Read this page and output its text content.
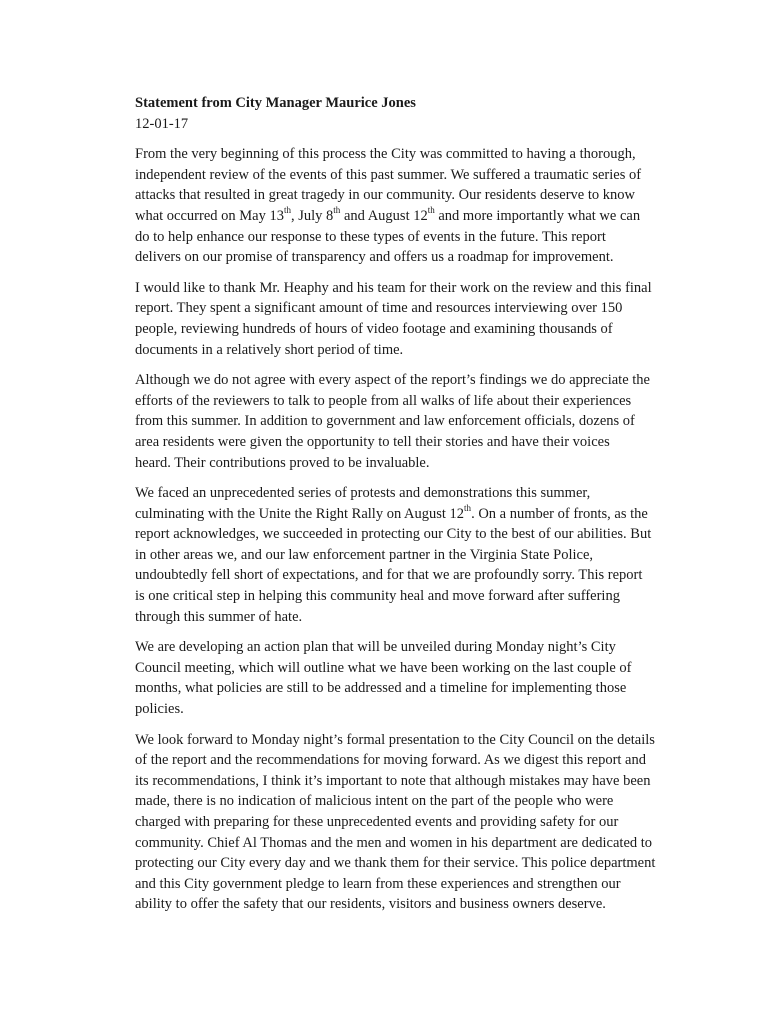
Statement from City Manager Maurice Jones

12-01-17

From the very beginning of this process the City was committed to having a thorough,
independent review of the events of this past summer. We suffered a traumatic series of
attacks that resulted in great tragedy in our community. Our residents deserve to know
what occurred on May 13th, July 8th and August 12th and more importantly what we can
do to help enhance our response to these types of events in the future. This report
delivers on our promise of transparency and offers us a roadmap for improvement.

I would like to thank Mr. Heaphy and his team for their work on the review and this final
report. They spent a significant amount of time and resources interviewing over 150
people, reviewing hundreds of hours of video footage and examining thousands of
documents in a relatively short period of time.

Although we do not agree with every aspect of the report’s findings we do appreciate the
efforts of the reviewers to talk to people from all walks of life about their experiences
from this summer. In addition to government and law enforcement officials, dozens of
area residents were given the opportunity to tell their stories and have their voices
heard. Their contributions proved to be invaluable.

We faced an unprecedented series of protests and demonstrations this summer,
culminating with the Unite the Right Rally on August 12th. On a number of fronts, as the
report acknowledges, we succeeded in protecting our City to the best of our abilities. But
in other areas we, and our law enforcement partner in the Virginia State Police,
undoubtedly fell short of expectations, and for that we are profoundly sorry. This report
is one critical step in helping this community heal and move forward after suffering
through this summer of hate.

We are developing an action plan that will be unveiled during Monday night’s City
Council meeting, which will outline what we have been working on the last couple of
months, what policies are still to be addressed and a timeline for implementing those
policies.

We look forward to Monday night’s formal presentation to the City Council on the details
of the report and the recommendations for moving forward. As we digest this report and
its recommendations, I think it’s important to note that although mistakes may have been
made, there is no indication of malicious intent on the part of the people who were
charged with preparing for these unprecedented events and providing safety for our
community. Chief Al Thomas and the men and women in his department are dedicated to
protecting our City every day and we thank them for their service. This police department
and this City government pledge to learn from these experiences and strengthen our
ability to offer the safety that our residents, visitors and business owners deserve.
